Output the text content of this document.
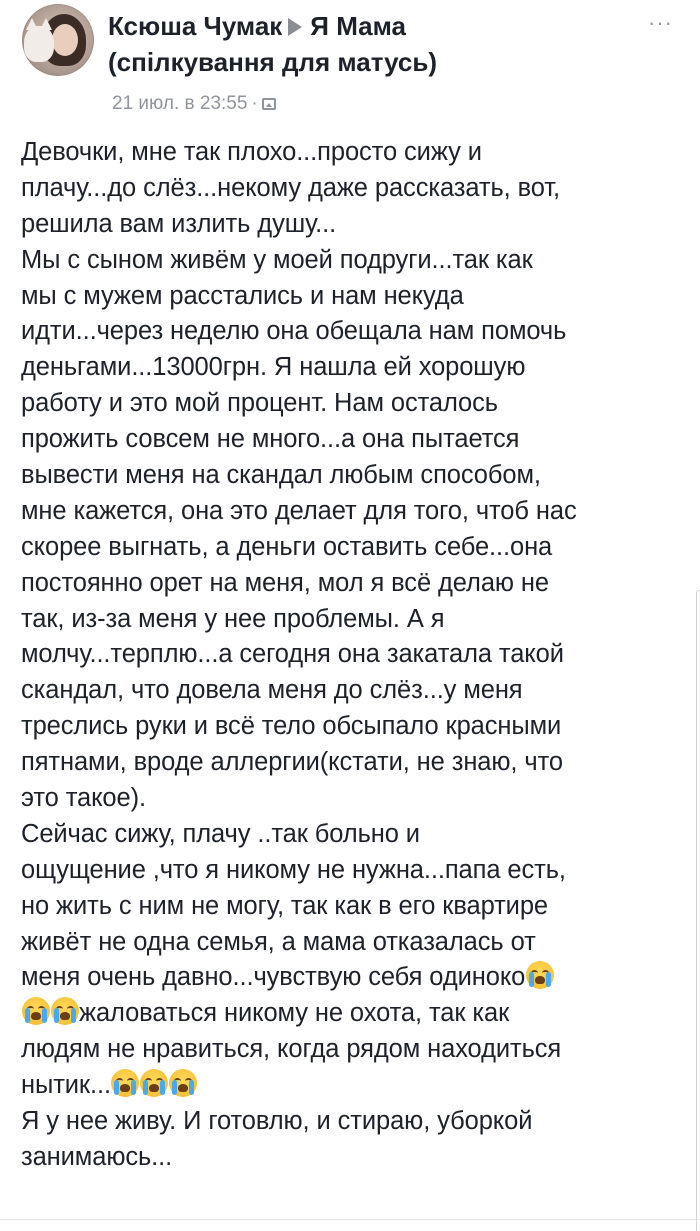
Ксюша Чумак Я Мама
(спілкування для матусь)
21 июл. в 23:55 ·
···
Девочки, мне так плохо...просто сижу и
плачу...до слёз...некому даже рассказать, вот,
решила вам излить душу...
Мы с сыном живём у моей подруги...так как
мы с мужем расстались и нам некуда
идти...через неделю она обещала нам помочь
деньгами...13000грн. Я нашла ей хорошую
работу и это мой процент. Нам осталось
прожить совсем не много...а она пытается
вывести меня на скандал любым способом,
мне кажется, она это делает для того, чтоб нас
скорее выгнать, а деньги оставить себе...она
постоянно орет на меня, мол я всё делаю не
так, из-за меня у нее проблемы. А я
молчу...терплю...а сегодня она закатала такой
скандал, что довела меня до слёз...у меня
треслись руки и всё тело обсыпало красными
пятнами, вроде аллергии(кстати, не знаю, что
это такое).
Сейчас сижу, плачу ..так больно и
ощущение ,что я никому не нужна...папа есть,
но жить с ним не могу, так как в его квартире
живёт не одна семья, а мама отказалась от
меня очень давно...чувствую себя одиноко
жаловаться никому не охота, так как
людям не нравиться, когда рядом находиться
нытик...
Я у нее живу. И готовлю, и стираю, уборкой
занимаюсь...
